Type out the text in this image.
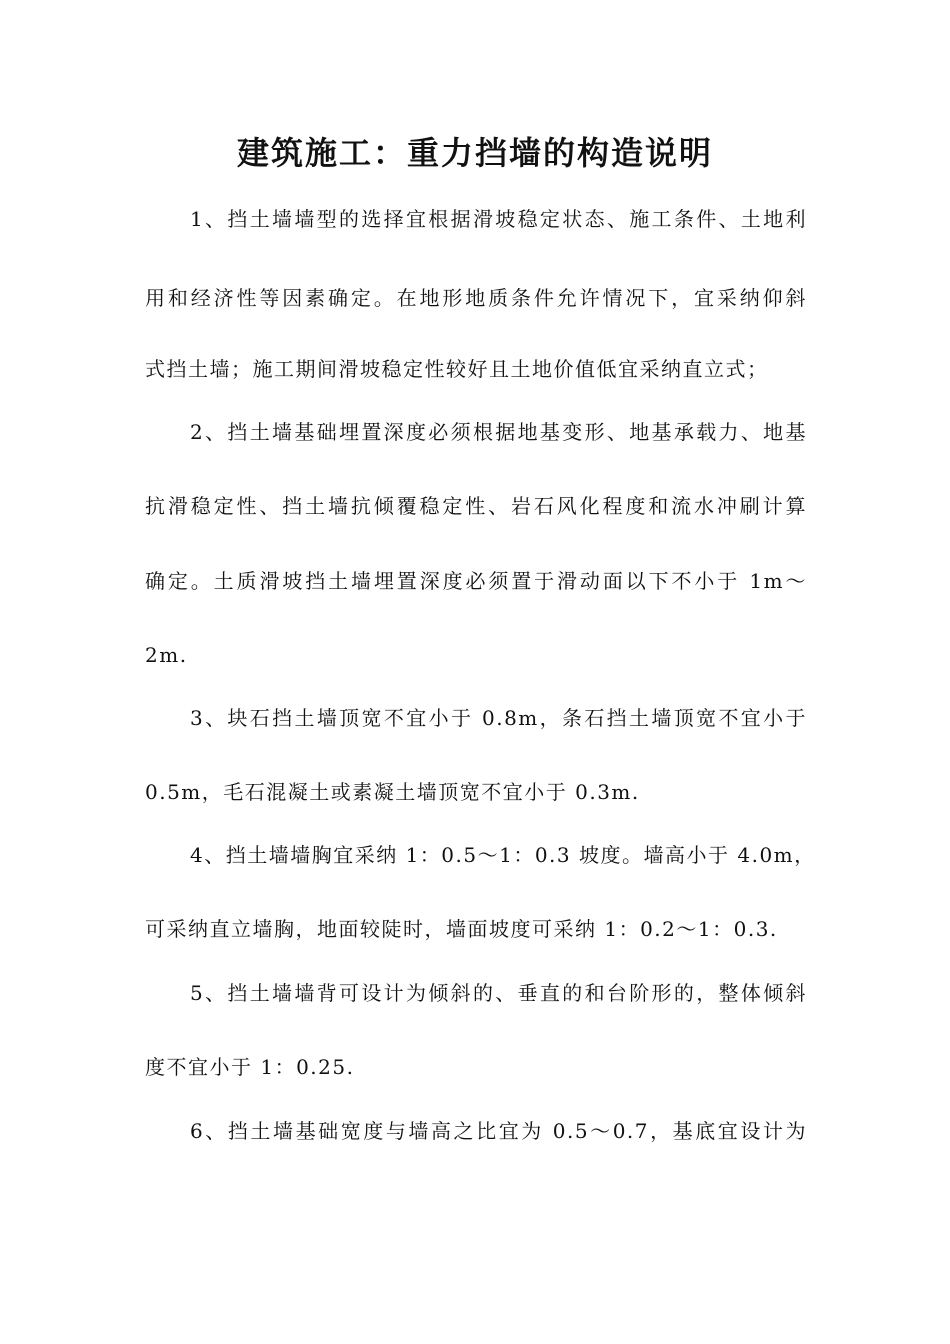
建筑施工：重力挡墙的构造说明
1、挡土墙墙型的选择宜根据滑坡稳定状态、施工条件、土地利
用和经济性等因素确定。在地形地质条件允许情况下，宜采纳仰斜
式挡土墙；施工期间滑坡稳定性较好且土地价值低宜采纳直立式；
2、挡土墙基础埋置深度必须根据地基变形、地基承载力、地基
抗滑稳定性、挡土墙抗倾覆稳定性、岩石风化程度和流水冲刷计算
确定。土质滑坡挡土墙埋置深度必须置于滑动面以下不小于 1m～
2m.
3、块石挡土墙顶宽不宜小于 0.8m，条石挡土墙顶宽不宜小于
0.5m，毛石混凝土或素凝土墙顶宽不宜小于 0.3m.
4、挡土墙墙胸宜采纳 1：0.5～1：0.3 坡度。墙高小于 4.0m，
可采纳直立墙胸，地面较陡时，墙面坡度可采纳 1：0.2～1：0.3.
5、挡土墙墙背可设计为倾斜的、垂直的和台阶形的，整体倾斜
度不宜小于 1：0.25.
6、挡土墙基础宽度与墙高之比宜为 0.5～0.7，基底宜设计为
